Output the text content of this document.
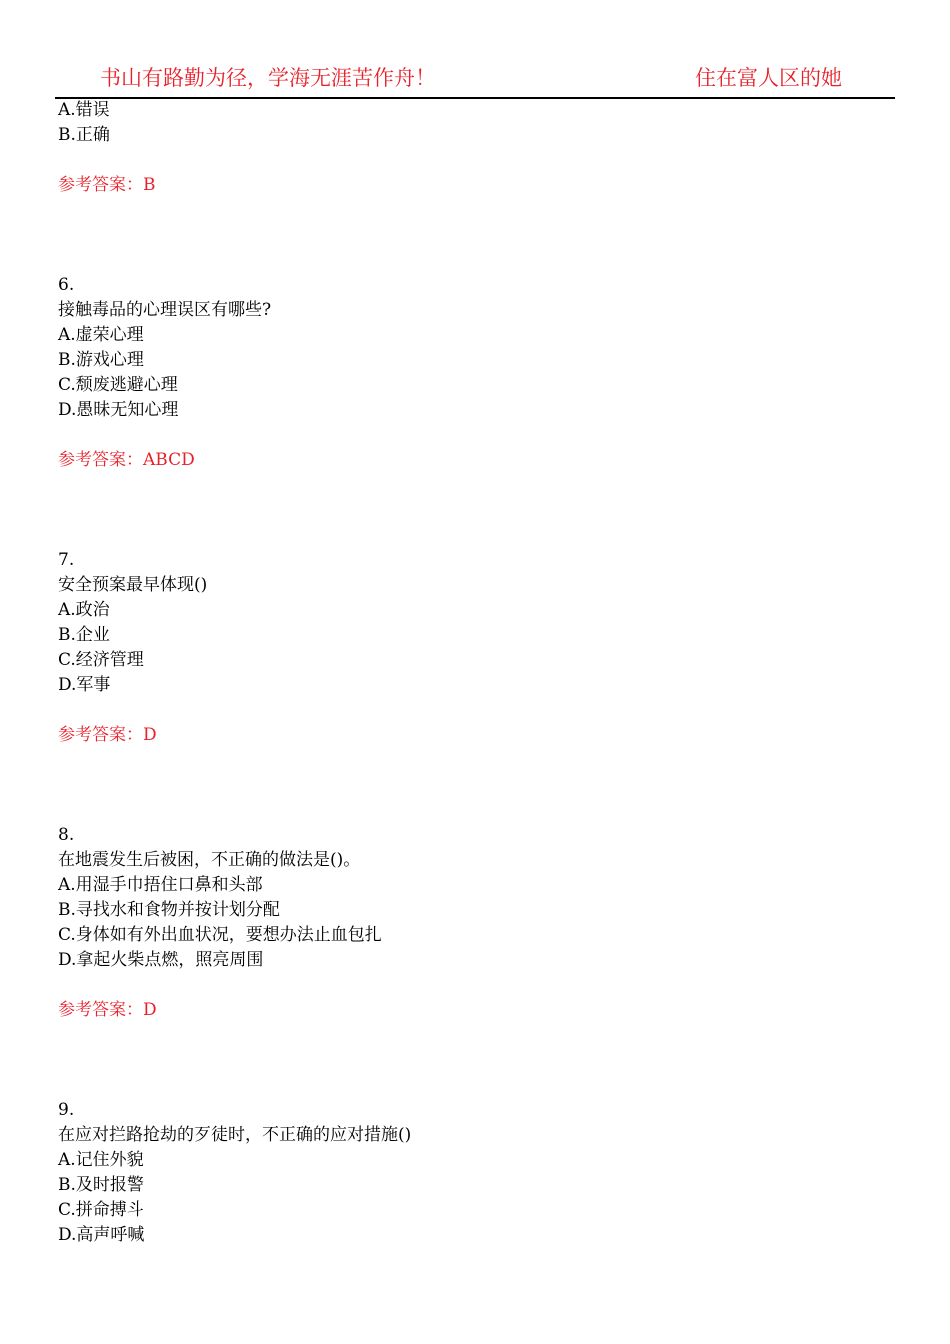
书山有路勤为径，学海无涯苦作舟！	住在富人区的她
A.错误
B.正确
参考答案：B
6.
接触毒品的心理误区有哪些?
A.虚荣心理
B.游戏心理
C.颓废逃避心理
D.愚昧无知心理
参考答案：ABCD
7.
安全预案最早体现()
A.政治
B.企业
C.经济管理
D.军事
参考答案：D
8.
在地震发生后被困，不正确的做法是()。
A.用湿手巾捂住口鼻和头部
B.寻找水和食物并按计划分配
C.身体如有外出血状况，要想办法止血包扎
D.拿起火柴点燃，照亮周围
参考答案：D
9.
在应对拦路抢劫的歹徒时，不正确的应对措施()
A.记住外貌
B.及时报警
C.拼命搏斗
D.高声呼喊
